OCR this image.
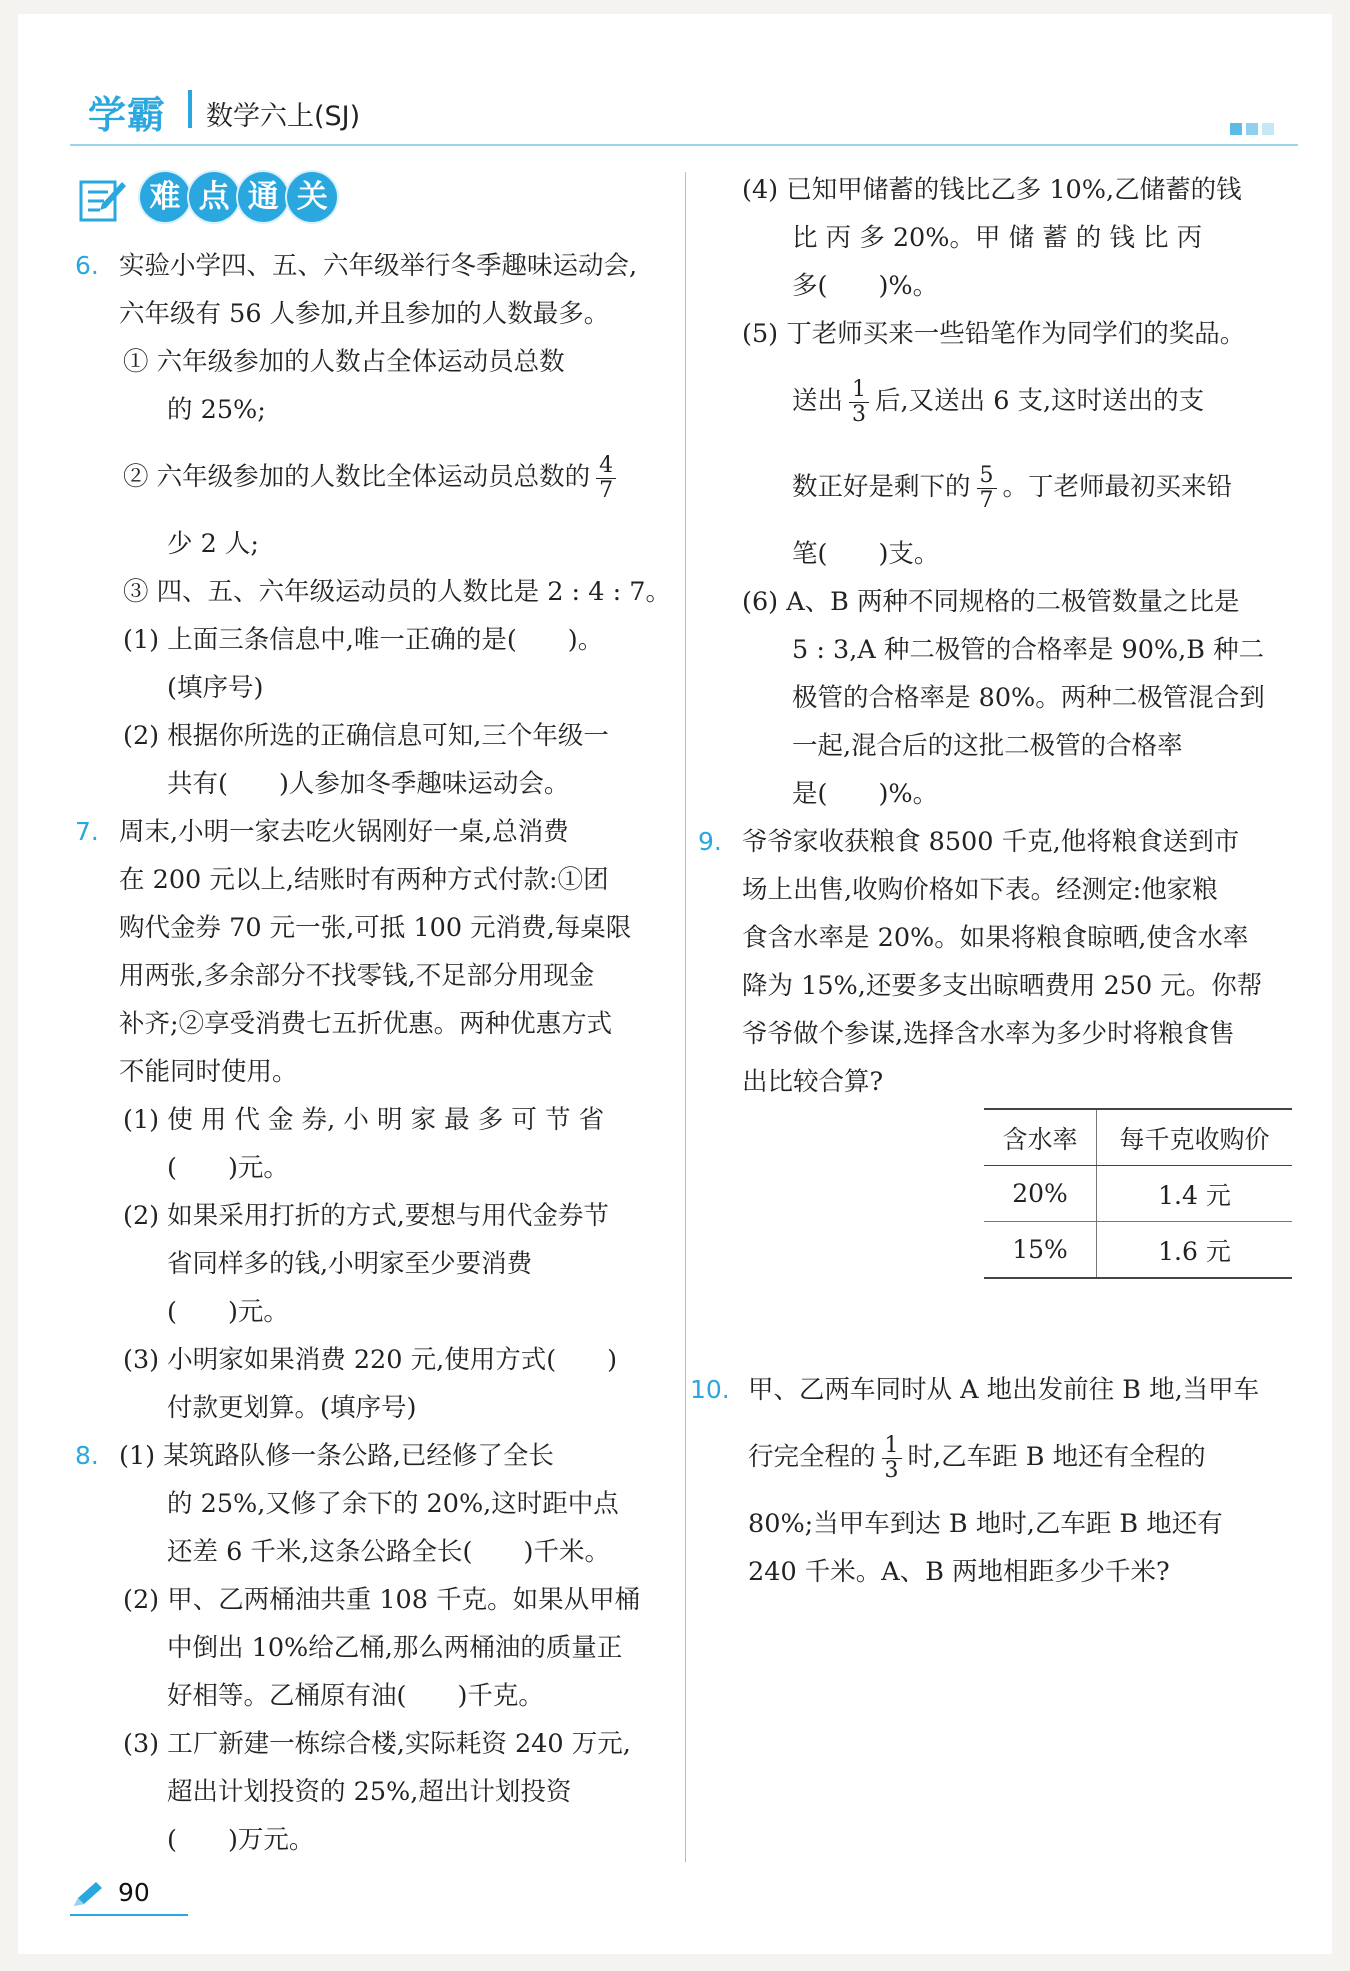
学霸 数学六上(SJ)
难 点 通 关
6. 实验小学四、五、六年级举行冬季趣味运动会,
六年级有 56 人参加,并且参加的人数最多。
① 六年级参加的人数占全体运动员总数
的 25%;
② 六年级参加的人数比全体运动员总数的 $\frac{4}{7}$
少 2 人;
③ 四、五、六年级运动员的人数比是 2 : 4 : 7。
(1) 上面三条信息中,唯一正确的是(　　)。
(填序号)
(2) 根据你所选的正确信息可知,三个年级一
共有(　　)人参加冬季趣味运动会。
7. 周末,小明一家去吃火锅刚好一桌,总消费
在 200 元以上,结账时有两种方式付款:①团
购代金券 70 元一张,可抵 100 元消费,每桌限
用两张,多余部分不找零钱,不足部分用现金
补齐;②享受消费七五折优惠。两种优惠方式
不能同时使用。
(1) 使 用 代 金 券, 小 明 家 最 多 可 节 省
(　　)元。
(2) 如果采用打折的方式,要想与用代金券节
省同样多的钱,小明家至少要消费
(　　)元。
(3) 小明家如果消费 220 元,使用方式(　　)
付款更划算。(填序号)
8. (1) 某筑路队修一条公路,已经修了全长
的 25%,又修了余下的 20%,这时距中点
还差 6 千米,这条公路全长(　　)千米。
(2) 甲、乙两桶油共重 108 千克。如果从甲桶
中倒出 10%给乙桶,那么两桶油的质量正
好相等。乙桶原有油(　　)千克。
(3) 工厂新建一栋综合楼,实际耗资 240 万元,
超出计划投资的 25%,超出计划投资
(　　)万元。
(4) 已知甲储蓄的钱比乙多 10%,乙储蓄的钱
比 丙 多 20%。甲 储 蓄 的 钱 比 丙
多(　　)%。
(5) 丁老师买来一些铅笔作为同学们的奖品。
送出 $\frac{1}{3}$ 后,又送出 6 支,这时送出的支
数正好是剩下的 $\frac{5}{7}$ 。丁老师最初买来铅
笔(　　)支。
(6) A、B 两种不同规格的二极管数量之比是
5 : 3,A 种二极管的合格率是 90%,B 种二
极管的合格率是 80%。两种二极管混合到
一起,混合后的这批二极管的合格率
是(　　)%。
9. 爷爷家收获粮食 8500 千克,他将粮食送到市
场上出售,收购价格如下表。经测定:他家粮
食含水率是 20%。如果将粮食晾晒,使含水率
降为 15%,还要多支出晾晒费用 250 元。你帮
爷爷做个参谋,选择含水率为多少时将粮食售
出比较合算?
10. 甲、乙两车同时从 A 地出发前往 B 地,当甲车
行完全程的 $\frac{1}{3}$ 时,乙车距 B 地还有全程的
80%;当甲车到达 B 地时,乙车距 B 地还有
240 千米。A、B 两地相距多少千米?
含水率	每千克收购价
20%	1.4 元
15%	1.6 元
90
